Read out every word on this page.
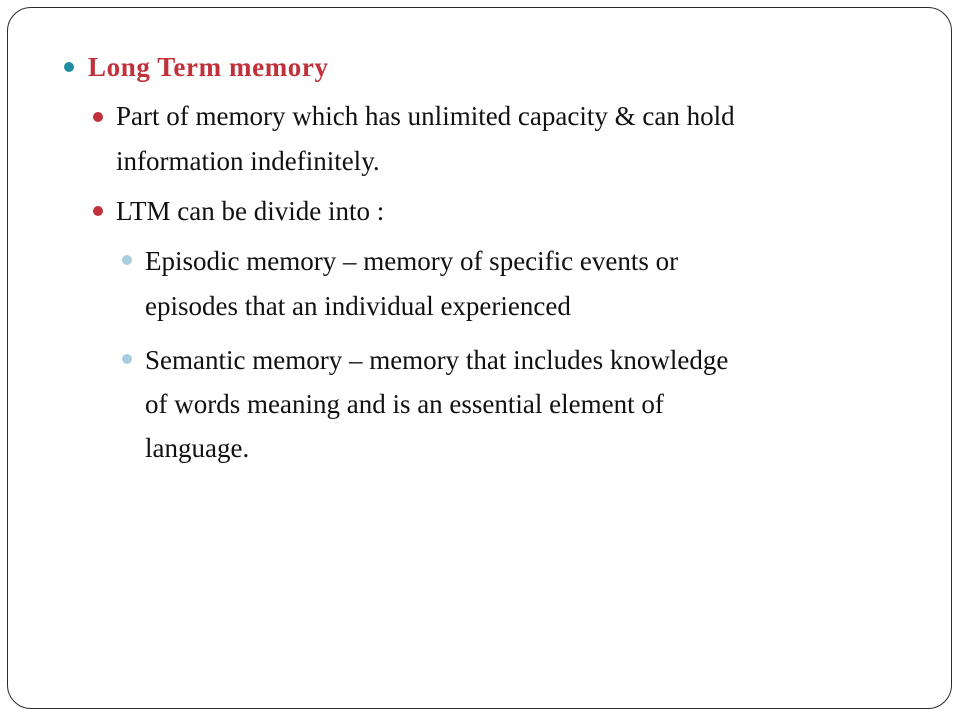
Long Term memory
Part of memory which has unlimited capacity & can hold
information indefinitely.
LTM can be divide into :
Episodic memory – memory of specific events or
episodes that an individual experienced
Semantic memory – memory that includes knowledge
of words meaning and is an essential element of
language.
